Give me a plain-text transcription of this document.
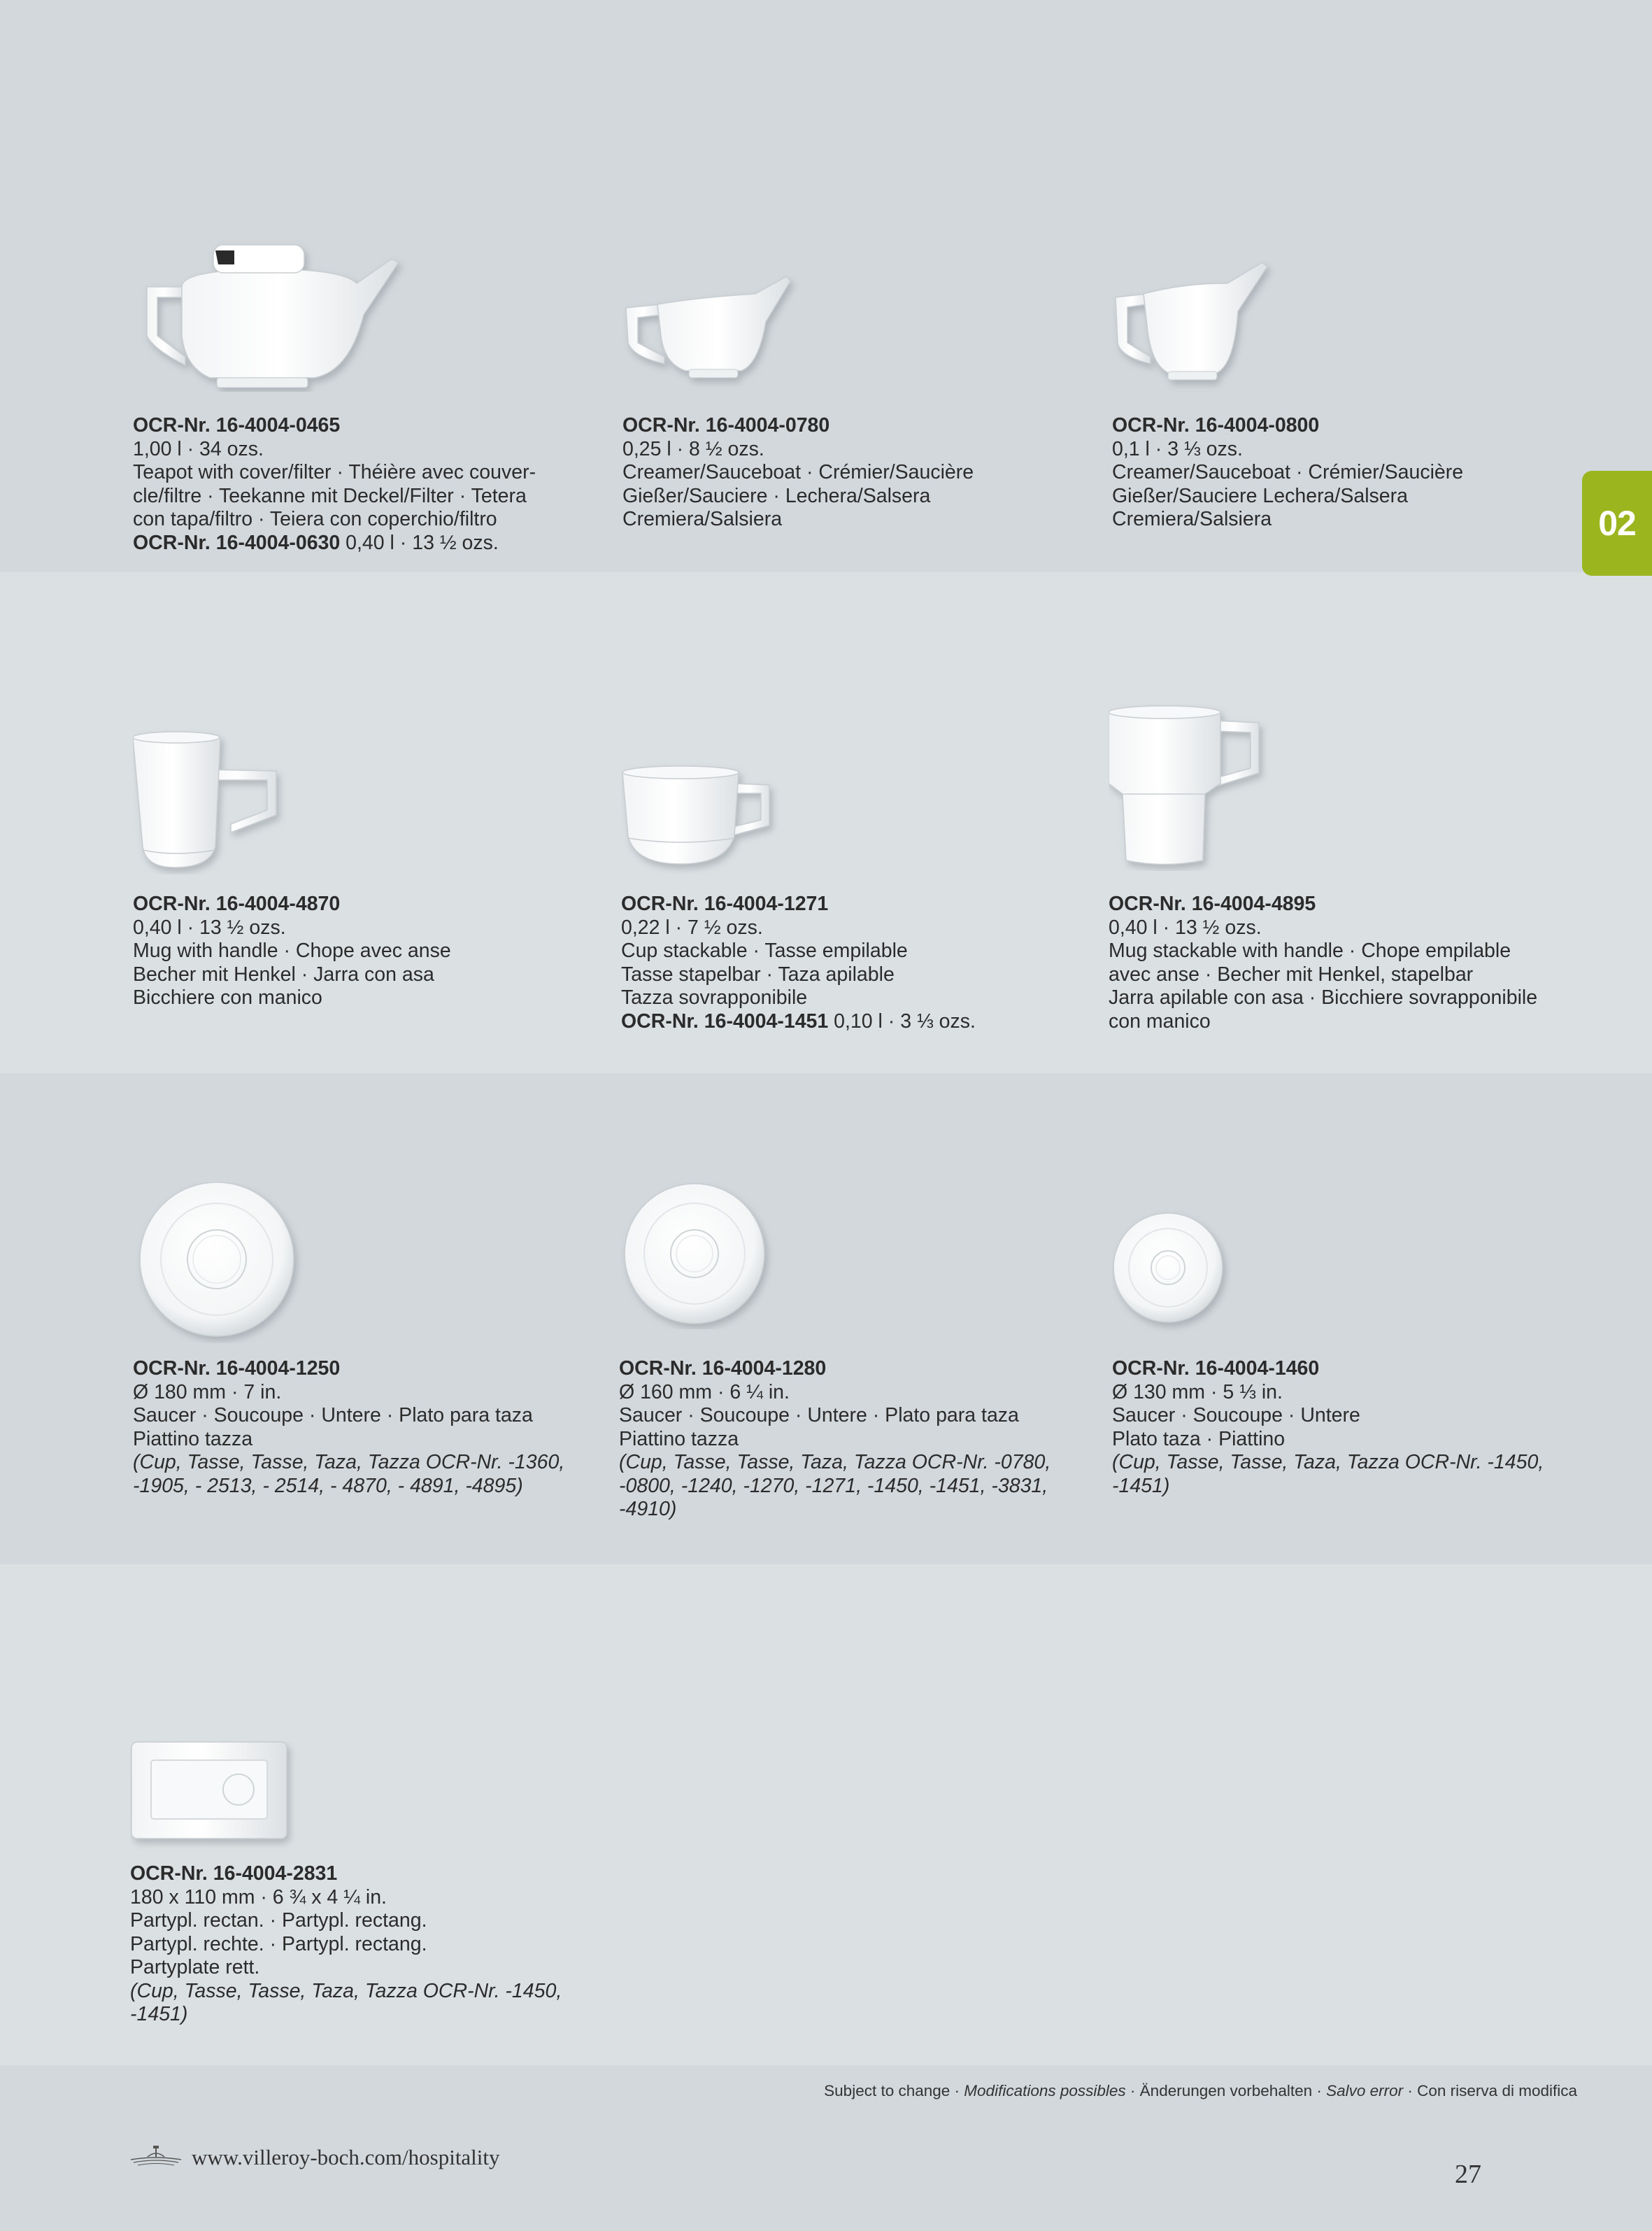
02
OCR-Nr. 16-4004-0465
1,00 l · 34 ozs.
Teapot with cover/filter · Théière avec couver-
cle/filtre · Teekanne mit Deckel/Filter · Tetera
con tapa/filtro · Teiera con coperchio/filtro
OCR-Nr. 16-4004-0630 0,40 l · 13 ½ ozs.
OCR-Nr. 16-4004-0780
0,25 l · 8 ½ ozs.
Creamer/Sauceboat · Crémier/Saucière
Gießer/Sauciere · Lechera/Salsera
Cremiera/Salsiera
OCR-Nr. 16-4004-0800
0,1 l · 3 ⅓ ozs.
Creamer/Sauceboat · Crémier/Saucière
Gießer/Sauciere Lechera/Salsera
Cremiera/Salsiera
OCR-Nr. 16-4004-4870
0,40 l · 13 ½ ozs.
Mug with handle · Chope avec anse
Becher mit Henkel · Jarra con asa
Bicchiere con manico
OCR-Nr. 16-4004-1271
0,22 l · 7 ½ ozs.
Cup stackable · Tasse empilable
Tasse stapelbar · Taza apilable
Tazza sovrapponibile
OCR-Nr. 16-4004-1451 0,10 l · 3 ⅓ ozs.
OCR-Nr. 16-4004-4895
0,40 l · 13 ½ ozs.
Mug stackable with handle · Chope empilable
avec anse · Becher mit Henkel, stapelbar
Jarra apilable con asa · Bicchiere sovrapponibile
con manico
OCR-Nr. 16-4004-1250
Ø 180 mm · 7 in.
Saucer · Soucoupe · Untere · Plato para taza
Piattino tazza
(Cup, Tasse, Tasse, Taza, Tazza OCR-Nr. -1360,
-1905, - 2513, - 2514, - 4870, - 4891, -4895)
OCR-Nr. 16-4004-1280
Ø 160 mm · 6 ¼ in.
Saucer · Soucoupe · Untere · Plato para taza
Piattino tazza
(Cup, Tasse, Tasse, Taza, Tazza OCR-Nr. -0780,
-0800, -1240, -1270, -1271, -1450, -1451, -3831,
-4910)
OCR-Nr. 16-4004-1460
Ø 130 mm · 5 ⅓ in.
Saucer · Soucoupe · Untere
Plato taza · Piattino
(Cup, Tasse, Tasse, Taza, Tazza OCR-Nr. -1450,
-1451)
OCR-Nr. 16-4004-2831
180 x 110 mm · 6 ¾ x 4 ¼ in.
Partypl. rectan. · Partypl. rectang.
Partypl. rechte. · Partypl. rectang.
Partyplate rett.
(Cup, Tasse, Tasse, Taza, Tazza OCR-Nr. -1450,
-1451)
Subject to change · Modifications possibles · Änderungen vorbehalten · Salvo error · Con riserva di modifica
www.villeroy-boch.com/hospitality
27
